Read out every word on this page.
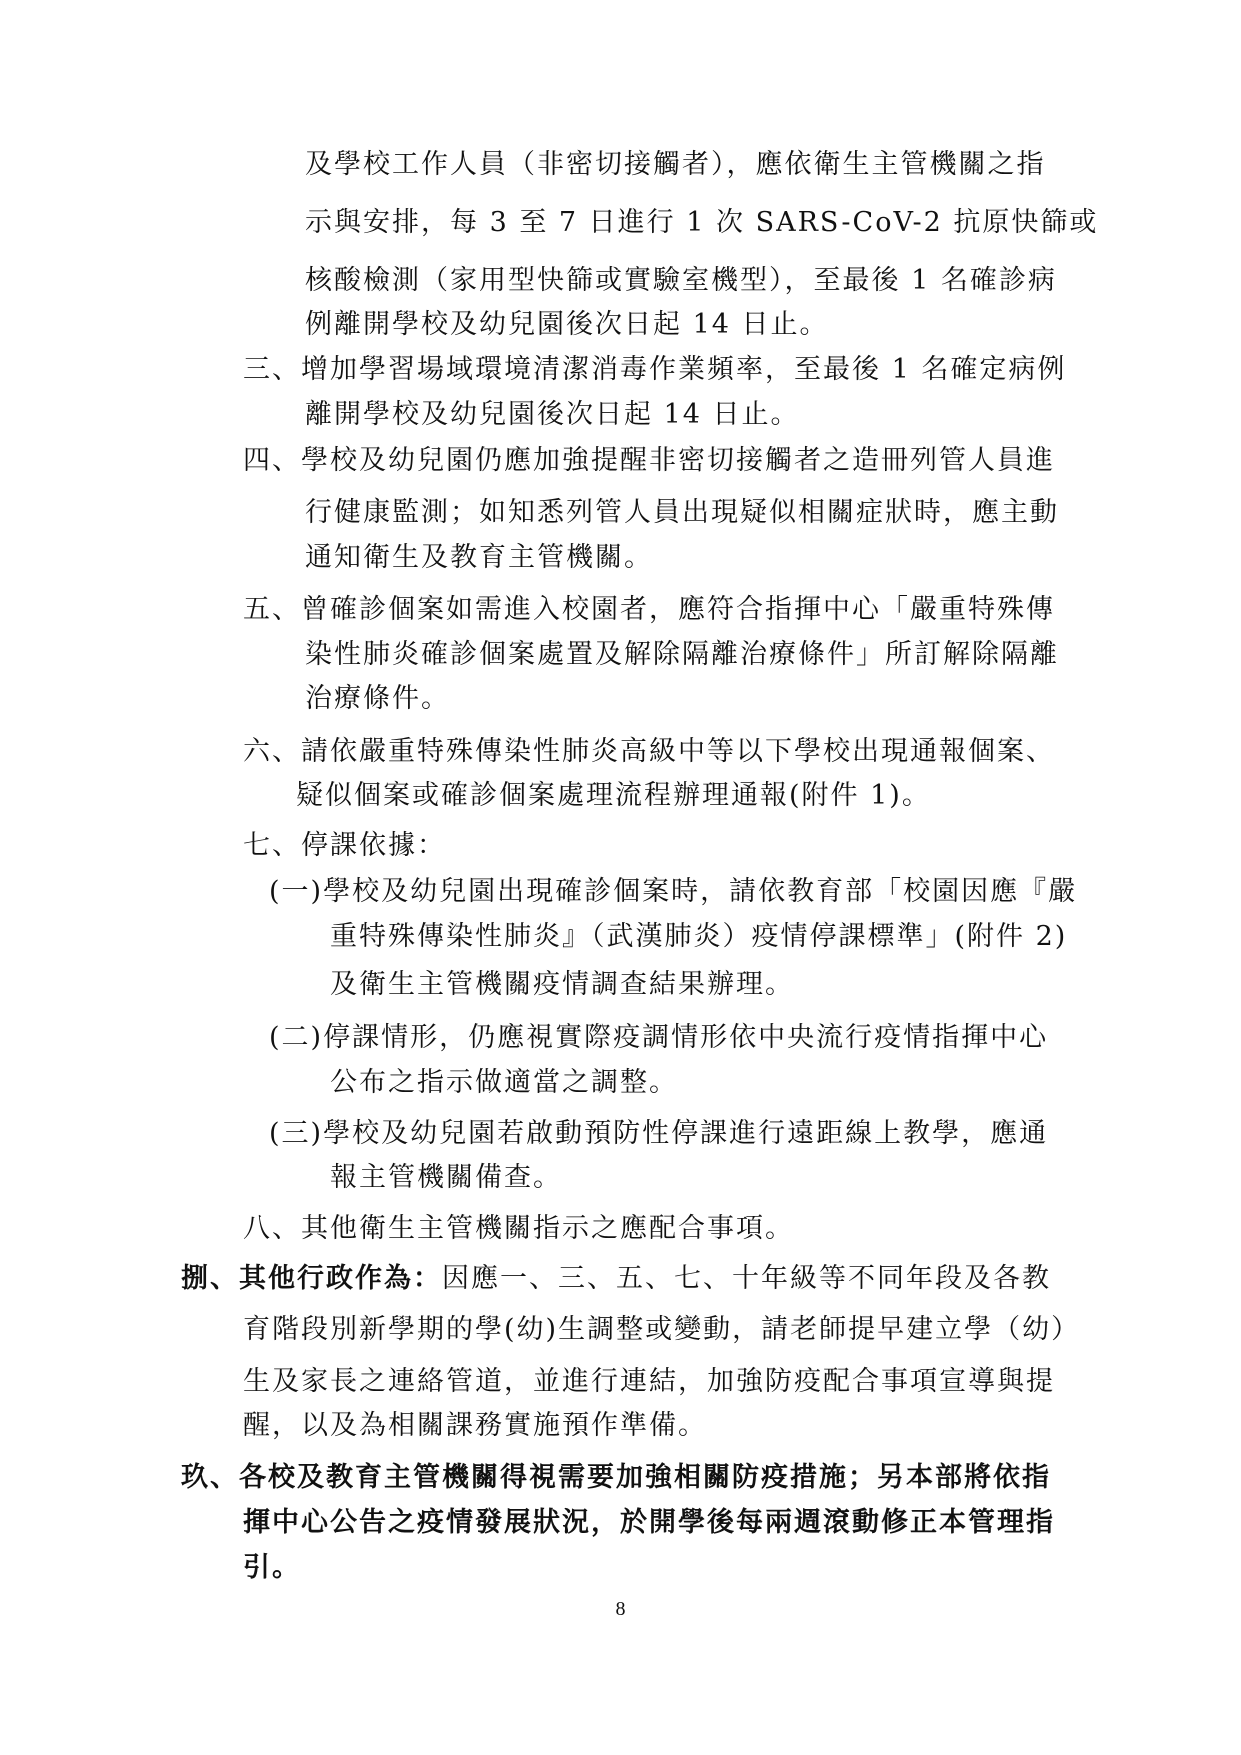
及學校工作人員（非密切接觸者），應依衛生主管機關之指
示與安排，每 3 至 7 日進行 1 次 SARS-CoV-2 抗原快篩或
核酸檢測（家用型快篩或實驗室機型），至最後 1 名確診病
例離開學校及幼兒園後次日起 14 日止。
三、增加學習場域環境清潔消毒作業頻率，至最後 1 名確定病例
離開學校及幼兒園後次日起 14 日止。
四、學校及幼兒園仍應加強提醒非密切接觸者之造冊列管人員進
行健康監測；如知悉列管人員出現疑似相關症狀時，應主動
通知衛生及教育主管機關。
五、曾確診個案如需進入校園者，應符合指揮中心「嚴重特殊傳
染性肺炎確診個案處置及解除隔離治療條件」所訂解除隔離
治療條件。
六、請依嚴重特殊傳染性肺炎高級中等以下學校出現通報個案、
疑似個案或確診個案處理流程辦理通報(附件 1)。
七、停課依據：
(一)學校及幼兒園出現確診個案時，請依教育部「校園因應『嚴
重特殊傳染性肺炎』（武漢肺炎）疫情停課標準」(附件 2)
及衛生主管機關疫情調查結果辦理。
(二)停課情形，仍應視實際疫調情形依中央流行疫情指揮中心
公布之指示做適當之調整。
(三)學校及幼兒園若啟動預防性停課進行遠距線上教學，應通
報主管機關備查。
八、其他衛生主管機關指示之應配合事項。
捌、其他行政作為：因應一、三、五、七、十年級等不同年段及各教
育階段別新學期的學(幼)生調整或變動，請老師提早建立學（幼）
生及家長之連絡管道，並進行連結，加強防疫配合事項宣導與提
醒，以及為相關課務實施預作準備。
玖、各校及教育主管機關得視需要加強相關防疫措施；另本部將依指
揮中心公告之疫情發展狀況，於開學後每兩週滾動修正本管理指
引。
8
